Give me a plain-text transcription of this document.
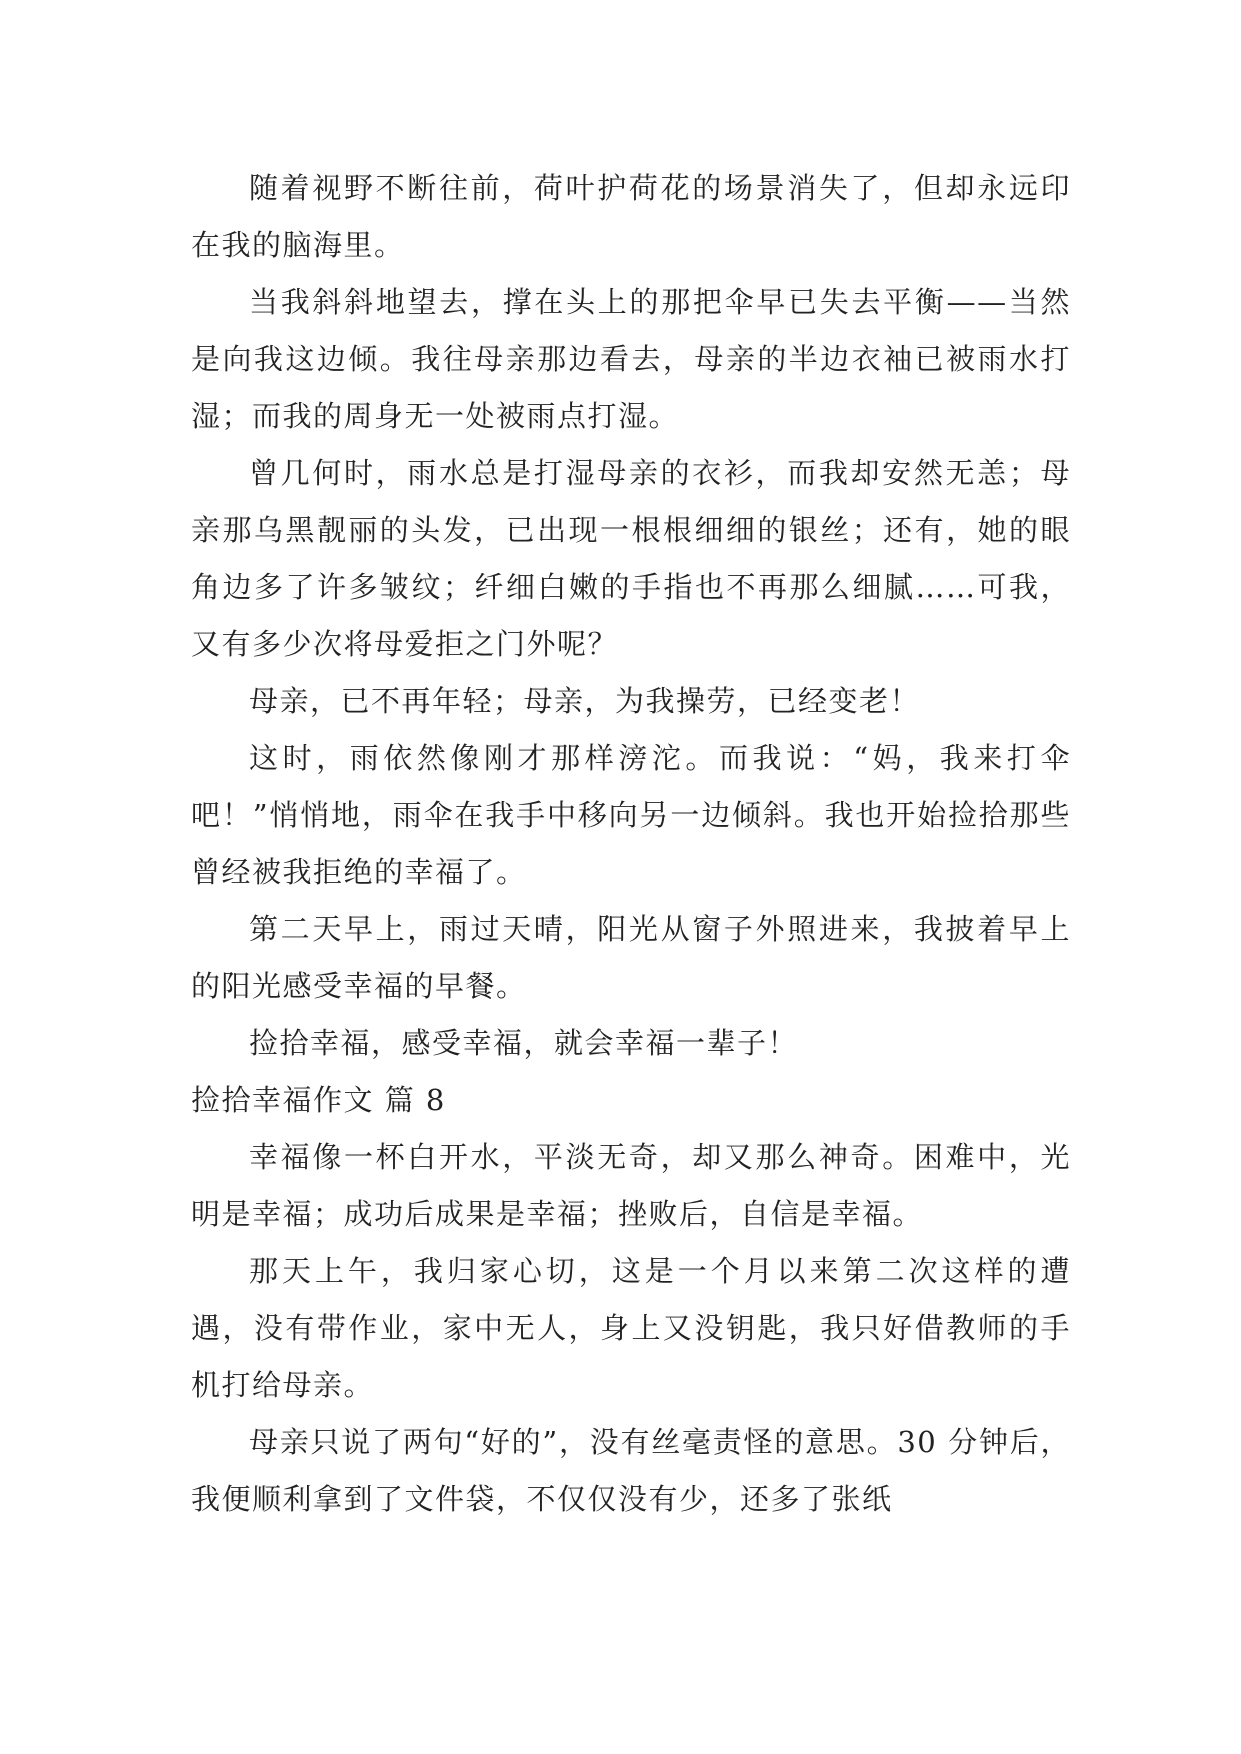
随着视野不断往前，荷叶护荷花的场景消失了，但却永远印在我的脑海里。

当我斜斜地望去，撑在头上的那把伞早已失去平衡——当然是向我这边倾。我往母亲那边看去，母亲的半边衣袖已被雨水打湿；而我的周身无一处被雨点打湿。

曾几何时，雨水总是打湿母亲的衣衫，而我却安然无恙；母亲那乌黑靓丽的头发，已出现一根根细细的银丝；还有，她的眼角边多了许多皱纹；纤细白嫩的手指也不再那么细腻……可我，又有多少次将母爱拒之门外呢？

母亲，已不再年轻；母亲，为我操劳，已经变老！

这时，雨依然像刚才那样滂沱。而我说：“妈，我来打伞吧！”悄悄地，雨伞在我手中移向另一边倾斜。我也开始捡拾那些曾经被我拒绝的幸福了。

第二天早上，雨过天晴，阳光从窗子外照进来，我披着早上的阳光感受幸福的早餐。

捡拾幸福，感受幸福，就会幸福一辈子！

捡拾幸福作文 篇 8

幸福像一杯白开水，平淡无奇，却又那么神奇。困难中，光明是幸福；成功后成果是幸福；挫败后，自信是幸福。

那天上午，我归家心切，这是一个月以来第二次这样的遭遇，没有带作业，家中无人，身上又没钥匙，我只好借教师的手机打给母亲。

母亲只说了两句“好的”，没有丝毫责怪的意思。30 分钟后，我便顺利拿到了文件袋，不仅仅没有少，还多了张纸
